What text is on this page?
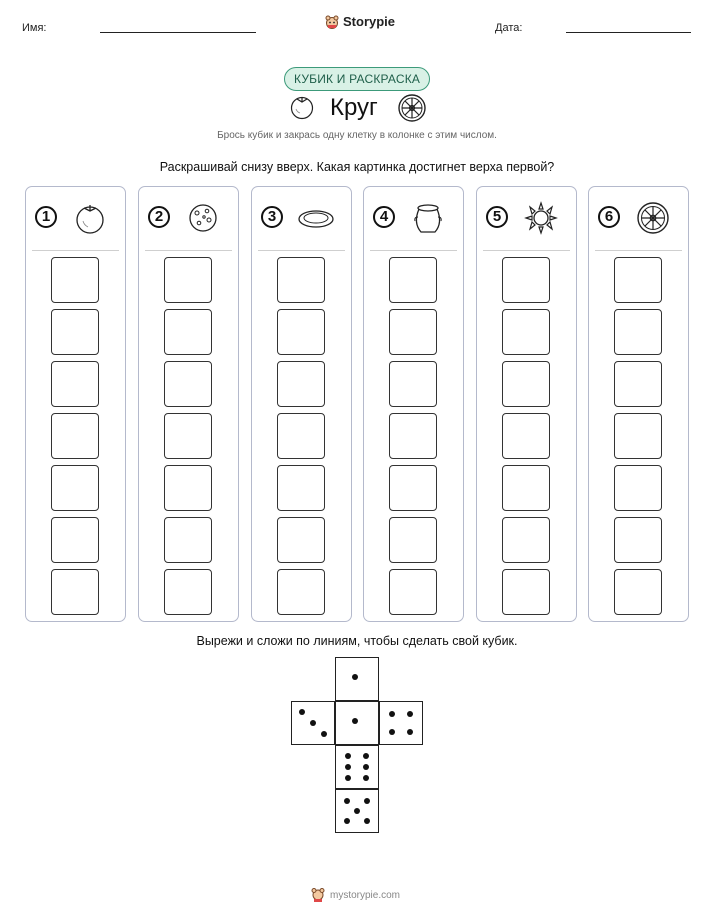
Имя:	Storypie	Дата:
КУБИК И РАСКРАСКА
Круг
Брось кубик и закрась одну клетку в колонке с этим числом.
Раскрашивай снизу вверх. Какая картинка достигнет верха первой?
1	2	3	4	5	6
Вырежи и сложи по линиям, чтобы сделать свой кубик.
mystorypie.com
